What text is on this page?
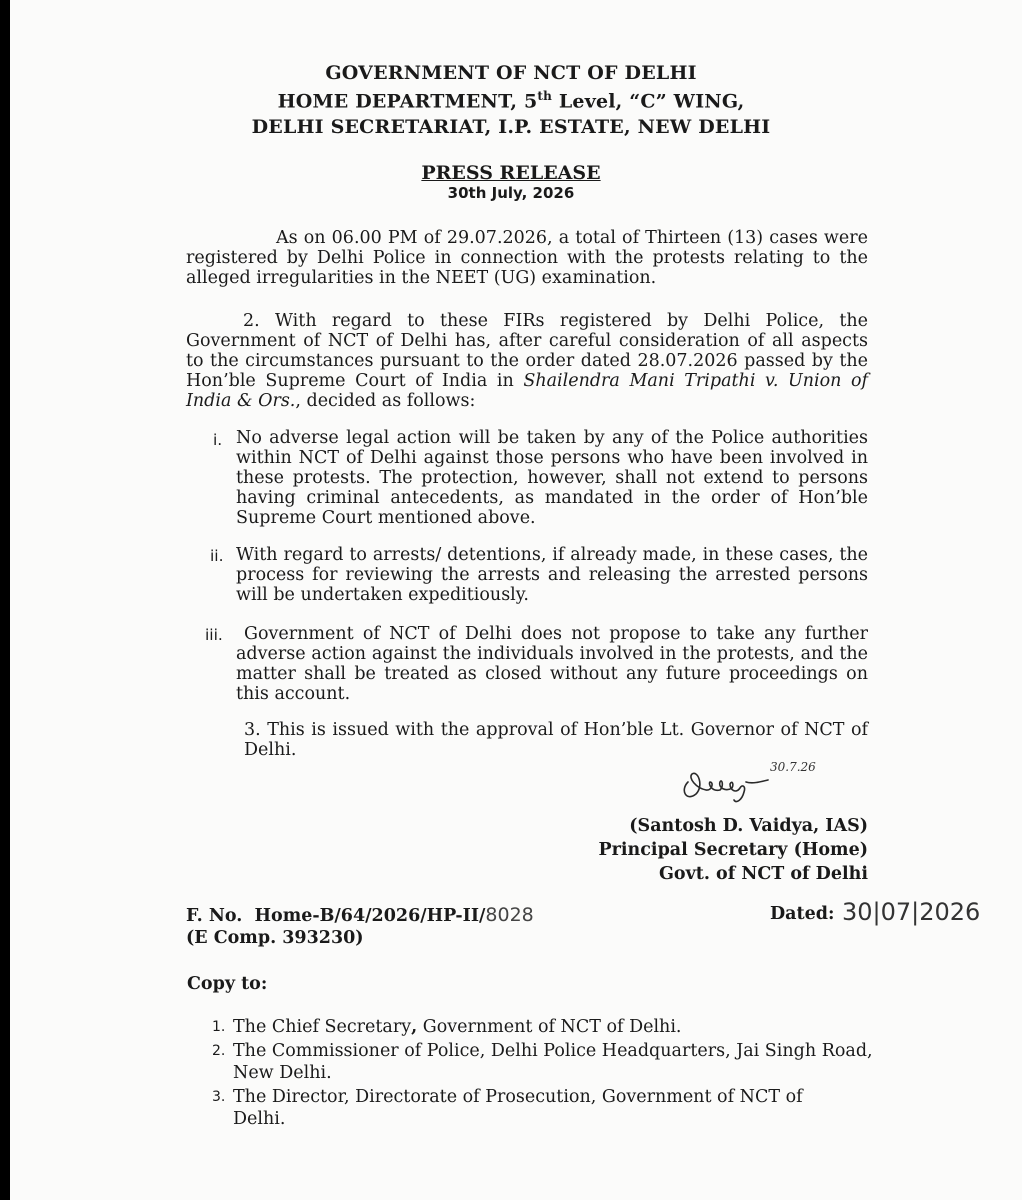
GOVERNMENT OF NCT OF DELHI
HOME DEPARTMENT, 5th Level, “C” WING,
DELHI SECRETARIAT, I.P. ESTATE, NEW DELHI
PRESS RELEASE
30th July, 2026
As on 06.00 PM of 29.07.2026, a total of Thirteen (13) cases were registered by Delhi Police in connection with the protests relating to the alleged irregularities in the NEET (UG) examination.
2. With regard to these FIRs registered by Delhi Police, the Government of NCT of Delhi has, after careful consideration of all aspects to the circumstances pursuant to the order dated 28.07.2026 passed by the Hon’ble Supreme Court of India in Shailendra Mani Tripathi v. Union of India & Ors., decided as follows:
i. No adverse legal action will be taken by any of the Police authorities within NCT of Delhi against those persons who have been involved in these protests. The protection, however, shall not extend to persons having criminal antecedents, as mandated in the order of Hon’ble Supreme Court mentioned above.
ii. With regard to arrests/ detentions, if already made, in these cases, the process for reviewing the arrests and releasing the arrested persons will be undertaken expeditiously.
iii.	Government of NCT of Delhi does not propose to take any further adverse action against the individuals involved in the protests, and the matter shall be treated as closed without any future proceedings on this account.
3. This is issued with the approval of Hon’ble Lt. Governor of NCT of Delhi.
30.7.26
(Santosh D. Vaidya, IAS)
Principal Secretary (Home)
Govt. of NCT of Delhi
F. No. Home-B/64/2026/HP-II/8028
(E Comp. 393230)
Dated: 30|07|2026
Copy to:
1. The Chief Secretary, Government of NCT of Delhi.
2. The Commissioner of Police, Delhi Police Headquarters, Jai Singh Road, New Delhi.
3. The Director, Directorate of Prosecution, Government of NCT of Delhi.
